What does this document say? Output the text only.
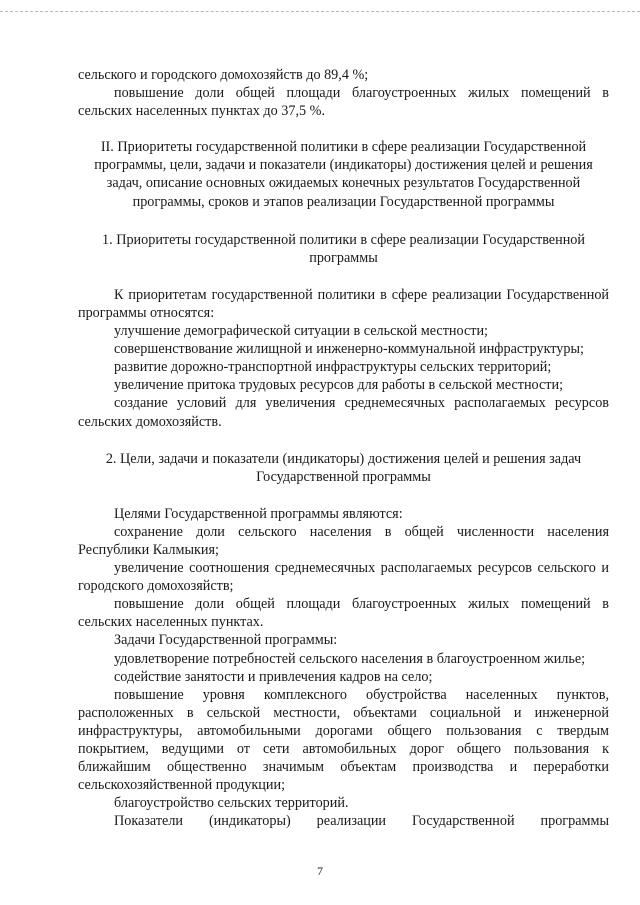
сельского и городского домохозяйств до 89,4 %;

повышение доли общей площади благоустроенных жилых помещений в сельских населенных пунктах до 37,5 %.

II. Приоритеты государственной политики в сфере реализации Государственной программы, цели, задачи и показатели (индикаторы) достижения целей и решения задач, описание основных ожидаемых конечных результатов Государственной программы, сроков и этапов реализации Государственной программы

1. Приоритеты государственной политики в сфере реализации Государственной программы

К приоритетам государственной политики в сфере реализации Государственной программы относятся:

улучшение демографической ситуации в сельской местности;

совершенствование жилищной и инженерно-коммунальной инфраструктуры;

развитие дорожно-транспортной инфраструктуры сельских территорий;

увеличение притока трудовых ресурсов для работы в сельской местности;

создание условий для увеличения среднемесячных располагаемых ресурсов сельских домохозяйств.

2. Цели, задачи и показатели (индикаторы) достижения целей и решения задач Государственной программы

Целями Государственной программы являются:

сохранение доли сельского населения в общей численности населения Республики Калмыкия;

увеличение соотношения среднемесячных располагаемых ресурсов сельского и городского домохозяйств;

повышение доли общей площади благоустроенных жилых помещений в сельских населенных пунктах.

Задачи Государственной программы:

удовлетворение потребностей сельского населения в благоустроенном жилье;

содействие занятости и привлечения кадров на село;

повышение уровня комплексного обустройства населенных пунктов, расположенных в сельской местности, объектами социальной и инженерной инфраструктуры, автомобильными дорогами общего пользования с твердым покрытием, ведущими от сети автомобильных дорог общего пользования к ближайшим общественно значимым объектам производства и переработки сельскохозяйственной продукции;

благоустройство сельских территорий.

Показатели (индикаторы) реализации Государственной программы

7
